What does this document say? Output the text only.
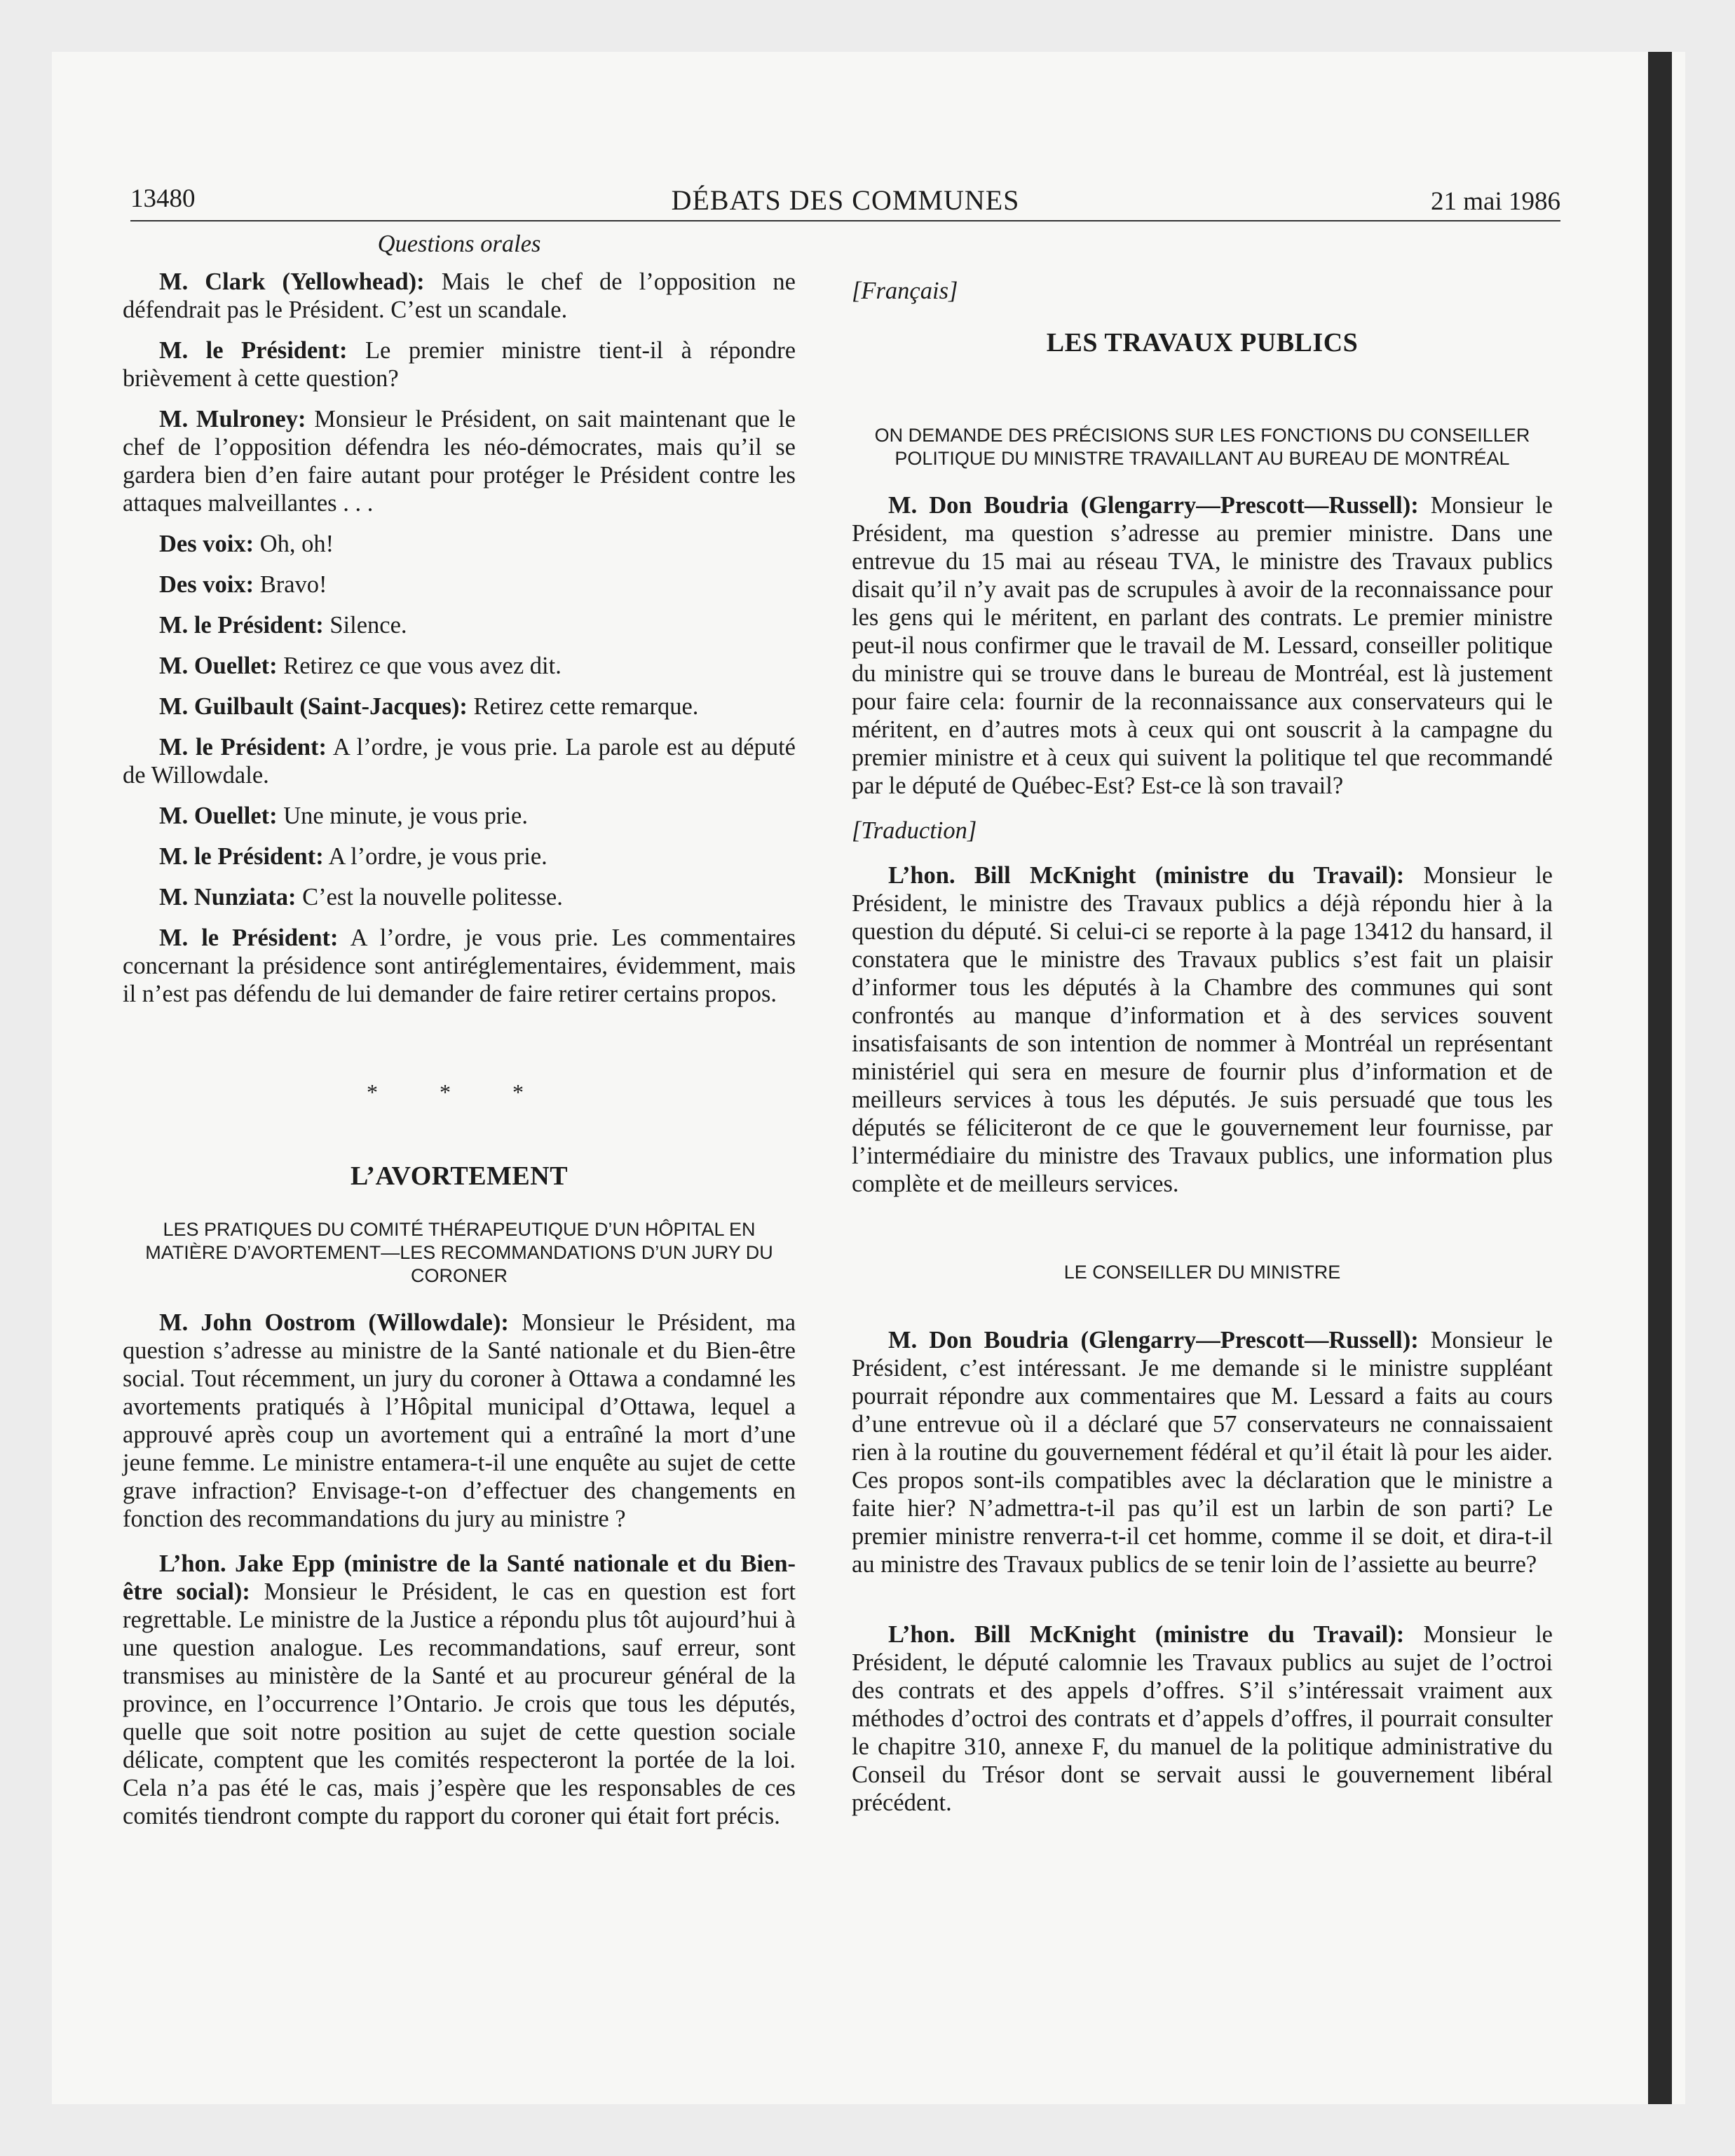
13480	DÉBATS DES COMMUNES	21 mai 1986

Questions orales

M. Clark (Yellowhead): Mais le chef de l’opposition ne défendrait pas le Président. C’est un scandale.

M. le Président: Le premier ministre tient-il à répondre brièvement à cette question?

M. Mulroney: Monsieur le Président, on sait maintenant que le chef de l’opposition défendra les néo-démocrates, mais qu’il se gardera bien d’en faire autant pour protéger le Président contre les attaques malveillantes . . .

Des voix: Oh, oh!

Des voix: Bravo!

M. le Président: Silence.

M. Ouellet: Retirez ce que vous avez dit.

M. Guilbault (Saint-Jacques): Retirez cette remarque.

M. le Président: A l’ordre, je vous prie. La parole est au député de Willowdale.

M. Ouellet: Une minute, je vous prie.

M. le Président: A l’ordre, je vous prie.

M. Nunziata: C’est la nouvelle politesse.

M. le Président: A l’ordre, je vous prie. Les commentaires concernant la présidence sont antiréglementaires, évidemment, mais il n’est pas défendu de lui demander de faire retirer certains propos.

* * *
L’AVORTEMENT
LES PRATIQUES DU COMITÉ THÉRAPEUTIQUE D’UN HÔPITAL EN MATIÈRE D’AVORTEMENT—LES RECOMMANDATIONS D’UN JURY DU CORONER

M. John Oostrom (Willowdale): Monsieur le Président, ma question s’adresse au ministre de la Santé nationale et du Bien-être social. Tout récemment, un jury du coroner à Ottawa a condamné les avortements pratiqués à l’Hôpital municipal d’Ottawa, lequel a approuvé après coup un avortement qui a entraîné la mort d’une jeune femme. Le ministre entamera-t-il une enquête au sujet de cette grave infraction? Envisage-t-on d’effectuer des changements en fonction des recommandations du jury au ministre ?

L’hon. Jake Epp (ministre de la Santé nationale et du Bien-être social): Monsieur le Président, le cas en question est fort regrettable. Le ministre de la Justice a répondu plus tôt aujourd’hui à une question analogue. Les recommandations, sauf erreur, sont transmises au ministère de la Santé et au procureur général de la province, en l’occurrence l’Ontario. Je crois que tous les députés, quelle que soit notre position au sujet de cette question sociale délicate, comptent que les comités respecteront la portée de la loi. Cela n’a pas été le cas, mais j’espère que les responsables de ces comités tiendront compte du rapport du coroner qui était fort précis.

[Français]

LES TRAVAUX PUBLICS
ON DEMANDE DES PRÉCISIONS SUR LES FONCTIONS DU CONSEILLER POLITIQUE DU MINISTRE TRAVAILLANT AU BUREAU DE MONTRÉAL

M. Don Boudria (Glengarry—Prescott—Russell): Monsieur le Président, ma question s’adresse au premier ministre. Dans une entrevue du 15 mai au réseau TVA, le ministre des Travaux publics disait qu’il n’y avait pas de scrupules à avoir de la reconnaissance pour les gens qui le méritent, en parlant des contrats. Le premier ministre peut-il nous confirmer que le travail de M. Lessard, conseiller politique du ministre qui se trouve dans le bureau de Montréal, est là justement pour faire cela: fournir de la reconnaissance aux conservateurs qui le méritent, en d’autres mots à ceux qui ont souscrit à la campagne du premier ministre et à ceux qui suivent la politique tel que recommandé par le député de Québec-Est? Est-ce là son travail?

[Traduction]

L’hon. Bill McKnight (ministre du Travail): Monsieur le Président, le ministre des Travaux publics a déjà répondu hier à la question du député. Si celui-ci se reporte à la page 13412 du hansard, il constatera que le ministre des Travaux publics s’est fait un plaisir d’informer tous les députés à la Chambre des communes qui sont confrontés au manque d’information et à des services souvent insatisfaisants de son intention de nommer à Montréal un représentant ministériel qui sera en mesure de fournir plus d’information et de meilleurs services à tous les députés. Je suis persuadé que tous les députés se féliciteront de ce que le gouvernement leur fournisse, par l’intermédiaire du ministre des Travaux publics, une information plus complète et de meilleurs services.

LE CONSEILLER DU MINISTRE

M. Don Boudria (Glengarry—Prescott—Russell): Monsieur le Président, c’est intéressant. Je me demande si le ministre suppléant pourrait répondre aux commentaires que M. Lessard a faits au cours d’une entrevue où il a déclaré que 57 conservateurs ne connaissaient rien à la routine du gouvernement fédéral et qu’il était là pour les aider. Ces propos sont-ils compatibles avec la déclaration que le ministre a faite hier? N’admettra-t-il pas qu’il est un larbin de son parti? Le premier ministre renverra-t-il cet homme, comme il se doit, et dira-t-il au ministre des Travaux publics de se tenir loin de l’assiette au beurre?

L’hon. Bill McKnight (ministre du Travail): Monsieur le Président, le député calomnie les Travaux publics au sujet de l’octroi des contrats et des appels d’offres. S’il s’intéressait vraiment aux méthodes d’octroi des contrats et d’appels d’offres, il pourrait consulter le chapitre 310, annexe F, du manuel de la politique administrative du Conseil du Trésor dont se servait aussi le gouvernement libéral précédent.
